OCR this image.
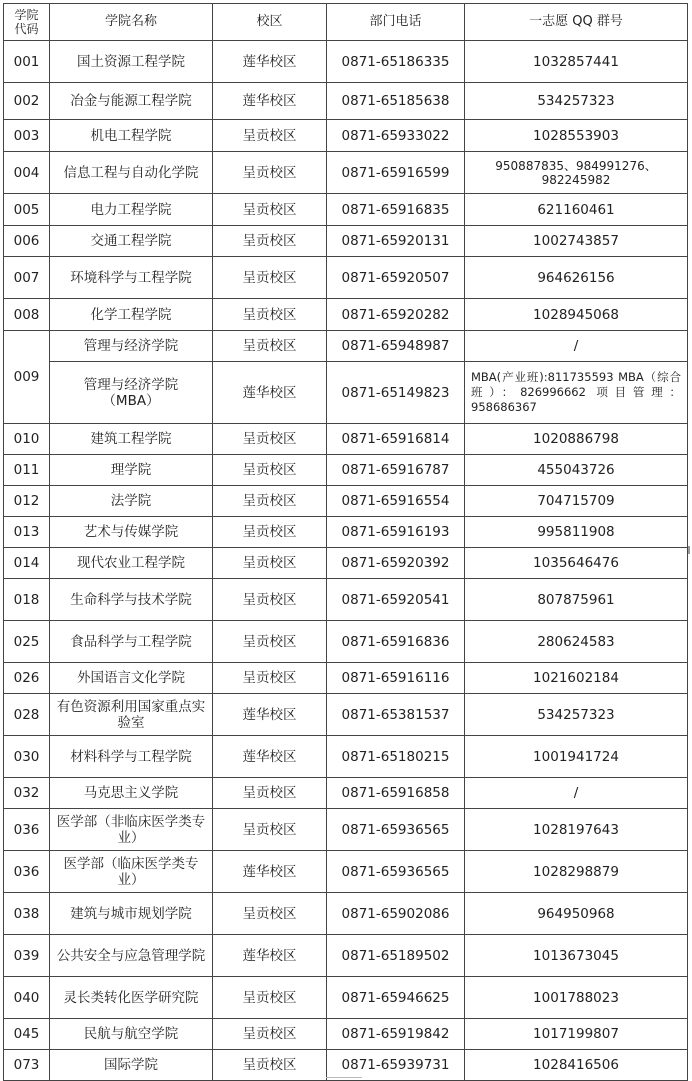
学院代码	学院名称	校区	部门电话	一志愿 QQ 群号
001	国土资源工程学院	莲华校区	0871-65186335	1032857441
002	冶金与能源工程学院	莲华校区	0871-65185638	534257323
003	机电工程学院	呈贡校区	0871-65933022	1028553903
004	信息工程与自动化学院	呈贡校区	0871-65916599	950887835、984991276、982245982
005	电力工程学院	呈贡校区	0871-65916835	621160461
006	交通工程学院	呈贡校区	0871-65920131	1002743857
007	环境科学与工程学院	呈贡校区	0871-65920507	964626156
008	化学工程学院	呈贡校区	0871-65920282	1028945068
009	管理与经济学院	呈贡校区	0871-65948987	/
	管理与经济学院（MBA）	莲华校区	0871-65149823	MBA(产业班):811735593 MBA（综合班）：826996662 项目管理：958686367
010	建筑工程学院	呈贡校区	0871-65916814	1020886798
011	理学院	呈贡校区	0871-65916787	455043726
012	法学院	呈贡校区	0871-65916554	704715709
013	艺术与传媒学院	呈贡校区	0871-65916193	995811908
014	现代农业工程学院	呈贡校区	0871-65920392	1035646476
018	生命科学与技术学院	呈贡校区	0871-65920541	807875961
025	食品科学与工程学院	呈贡校区	0871-65916836	280624583
026	外国语言文化学院	呈贡校区	0871-65916116	1021602184
028	有色资源利用国家重点实验室	莲华校区	0871-65381537	534257323
030	材料科学与工程学院	莲华校区	0871-65180215	1001941724
032	马克思主义学院	呈贡校区	0871-65916858	/
036	医学部（非临床医学类专业）	呈贡校区	0871-65936565	1028197643
036	医学部（临床医学类专业）	莲华校区	0871-65936565	1028298879
038	建筑与城市规划学院	呈贡校区	0871-65902086	964950968
039	公共安全与应急管理学院	莲华校区	0871-65189502	1013673045
040	灵长类转化医学研究院	呈贡校区	0871-65946625	1001788023
045	民航与航空学院	呈贡校区	0871-65919842	1017199807
073	国际学院	呈贡校区	0871-65939731	1028416506
